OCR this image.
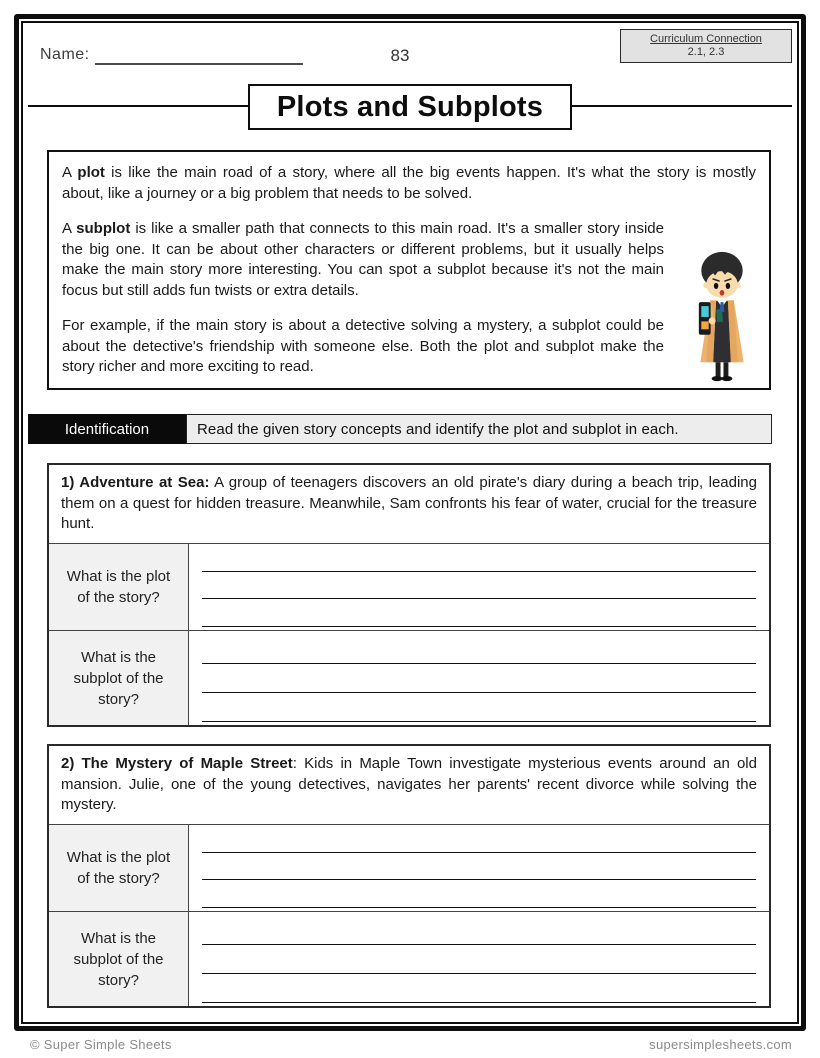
Name:	83
Curriculum Connection
2.1, 2.3
Plots and Subplots

A plot is like the main road of a story, where all the big events happen. It's what the story is mostly about, like a journey or a big problem that needs to be solved.

A subplot is like a smaller path that connects to this main road. It's a smaller story inside the big one. It can be about other characters or different problems, but it usually helps make the main story more interesting. You can spot a subplot because it's not the main focus but still adds fun twists or extra details.

For example, if the main story is about a detective solving a mystery, a subplot could be about the detective's friendship with someone else. Both the plot and subplot make the story richer and more exciting to read.

Identification	Read the given story concepts and identify the plot and subplot in each.
1) Adventure at Sea: A group of teenagers discovers an old pirate's diary during a beach trip, leading them on a quest for hidden treasure. Meanwhile, Sam confronts his fear of water, crucial for the treasure hunt.
What is the plot of the story?
What is the subplot of the story?
2) The Mystery of Maple Street: Kids in Maple Town investigate mysterious events around an old mansion. Julie, one of the young detectives, navigates her parents' recent divorce while solving the mystery.
What is the plot of the story?
What is the subplot of the story?
© Super Simple Sheets	supersimplesheets.com
